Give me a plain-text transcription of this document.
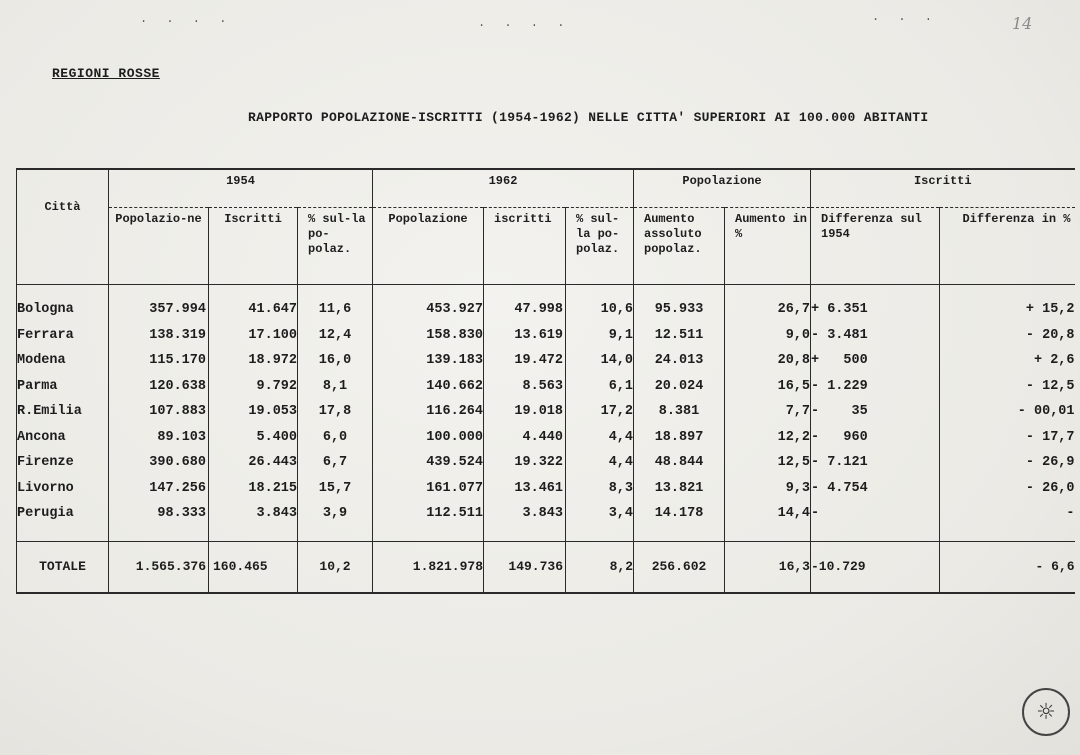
. . . .	. . . .	. . .	14
REGIONI ROSSE
RAPPORTO POPOLAZIONE-ISCRITTI (1954-1962) NELLE CITTA' SUPERIORI AI 100.000 ABITANTI
Città	1954			1962			Popolazione		Iscritti	
	Popolazio-ne	Iscritti	% sul-la po-polaz.	Popolazione	iscritti	% sul-la po-polaz.	Aumento assoluto popolaz.	Aumento in %	Differenza sul 1954	Differenza in %
Bologna	357.994	41.647	11,6	453.927	47.998	10,6	95.933	26,7	+ 6.351	+ 15,2
Ferrara	138.319	17.100	12,4	158.830	13.619	9,1	12.511	9,0	- 3.481	- 20,8
Modena	115.170	18.972	16,0	139.183	19.472	14,0	24.013	20,8	+   500	+ 2,6
Parma	120.638	9.792	8,1	140.662	8.563	6,1	20.024	16,5	- 1.229	- 12,5
R.Emilia	107.883	19.053	17,8	116.264	19.018	17,2	8.381	7,7	-    35	- 00,01
Ancona	89.103	5.400	6,0	100.000	4.440	4,4	18.897	12,2	-   960	- 17,7
Firenze	390.680	26.443	6,7	439.524	19.322	4,4	48.844	12,5	- 7.121	- 26,9
Livorno	147.256	18.215	15,7	161.077	13.461	8,3	13.821	9,3	- 4.754	- 26,0
Perugia	98.333	3.843	3,9	112.511	3.843	3,4	14.178	14,4	-	-
TOTALE	1.565.376	160.465	10,2	1.821.978	149.736	8,2	256.602	16,3	-10.729	- 6,6
☼
